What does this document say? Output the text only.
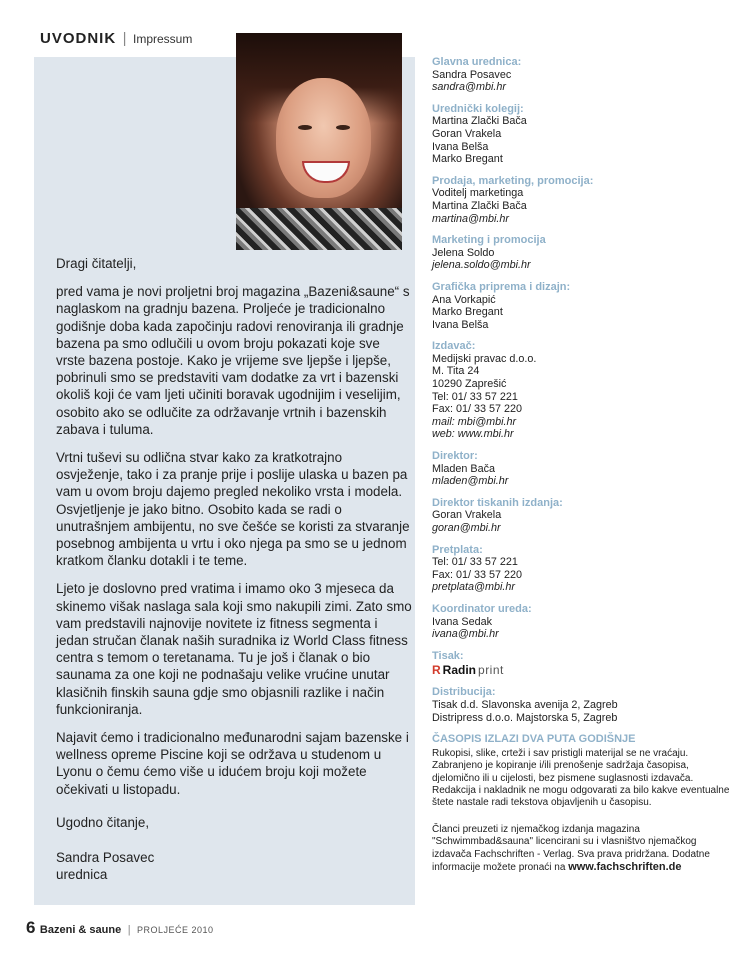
UVODNIK | Impressum

Dragi čitatelji,

pred vama je novi proljetni broj magazina „Bazeni&saune“ s naglaskom na gradnju bazena. Proljeće je tradicionalno godišnje doba kada započinju radovi renoviranja ili gradnje bazena pa smo odlučili u ovom broju pokazati koje sve vrste bazena postoje. Kako je vrijeme sve ljepše i ljepše, pobrinuli smo se predstaviti vam dodatke za vrt i bazenski okoliš koji će vam ljeti učiniti boravak ugodnijim i veselijim, osobito ako se odlučite za održavanje vrtnih i bazenskih zabava i tuluma.

Vrtni tuševi su odlična stvar kako za kratkotrajno osvježenje, tako i za pranje prije i poslije ulaska u bazen pa vam u ovom broju dajemo pregled nekoliko vrsta i modela. Osvjetljenje je jako bitno. Osobito kada se radi o unutrašnjem ambijentu, no sve češće se koristi za stvaranje posebnog ambijenta u vrtu i oko njega pa smo se u jednom kratkom članku dotakli i te teme.

Ljeto je doslovno pred vratima i imamo oko 3 mjeseca da skinemo višak naslaga sala koji smo nakupili zimi. Zato smo vam predstavili najnovije novitete iz fitness segmenta i jedan stručan članak naših suradnika iz World Class fitness centra s temom o teretanama. Tu je još i članak o bio saunama za one koji ne podnašaju velike vrućine unutar klasičnih finskih sauna gdje smo objasnili razlike i način funkcioniranja.

Najavit ćemo i tradicionalno međunarodni sajam bazenske i wellness opreme Piscine koji se održava u studenom u Lyonu o čemu ćemo više u idućem broju koji možete očekivati u listopadu.

Ugodno čitanje,

Sandra Posavec

urednica

Glavna urednica:
Sandra Posavec
sandra@mbi.hr
Urednički kolegij:
Martina Zlački Bača
Goran Vrakela
Ivana Belša
Marko Bregant
Prodaja, marketing, promocija:
Voditelj marketinga
Martina Zlački Bača
martina@mbi.hr
Marketing i promocija
Jelena Soldo
jelena.soldo@mbi.hr
Grafička priprema i dizajn:
Ana Vorkapić
Marko Bregant
Ivana Belša
Izdavač:
Medijski pravac d.o.o.
M. Tita 24
10290 Zaprešić
Tel: 01/ 33 57 221
Fax: 01/ 33 57 220
mail: mbi@mbi.hr
web: www.mbi.hr
Direktor:
Mladen Bača
mladen@mbi.hr
Direktor tiskanih izdanja:
Goran Vrakela
goran@mbi.hr
Pretplata:
Tel: 01/ 33 57 221
Fax: 01/ 33 57 220
pretplata@mbi.hr
Koordinator ureda:
Ivana Sedak
ivana@mbi.hr
Tisak:
R Radin print
Distribucija:
Tisak d.d. Slavonska avenija 2, Zagreb
Distripress d.o.o. Majstorska 5, Zagreb
ČASOPIS IZLAZI DVA PUTA GODIŠNJE
Rukopisi, slike, crteži i sav pristigli materijal se ne vraćaju. Zabranjeno je kopiranje i/ili prenošenje sadržaja časopisa, djelomično ili u cijelosti, bez pismene suglasnosti izdavača. Redakcija i nakladnik ne mogu odgovarati za bilo kakve eventualne štete nastale radi tekstova objavljenih u časopisu.
Članci preuzeti iz njemačkog izdanja magazina "Schwimmbad&sauna" licencirani su i vlasništvo njemačkog izdavača Fachschriften - Verlag. Sva prava pridržana. Dodatne informacije možete pronaći na www.fachschriften.de
6 Bazeni & saune | PROLJEĆE 2010
